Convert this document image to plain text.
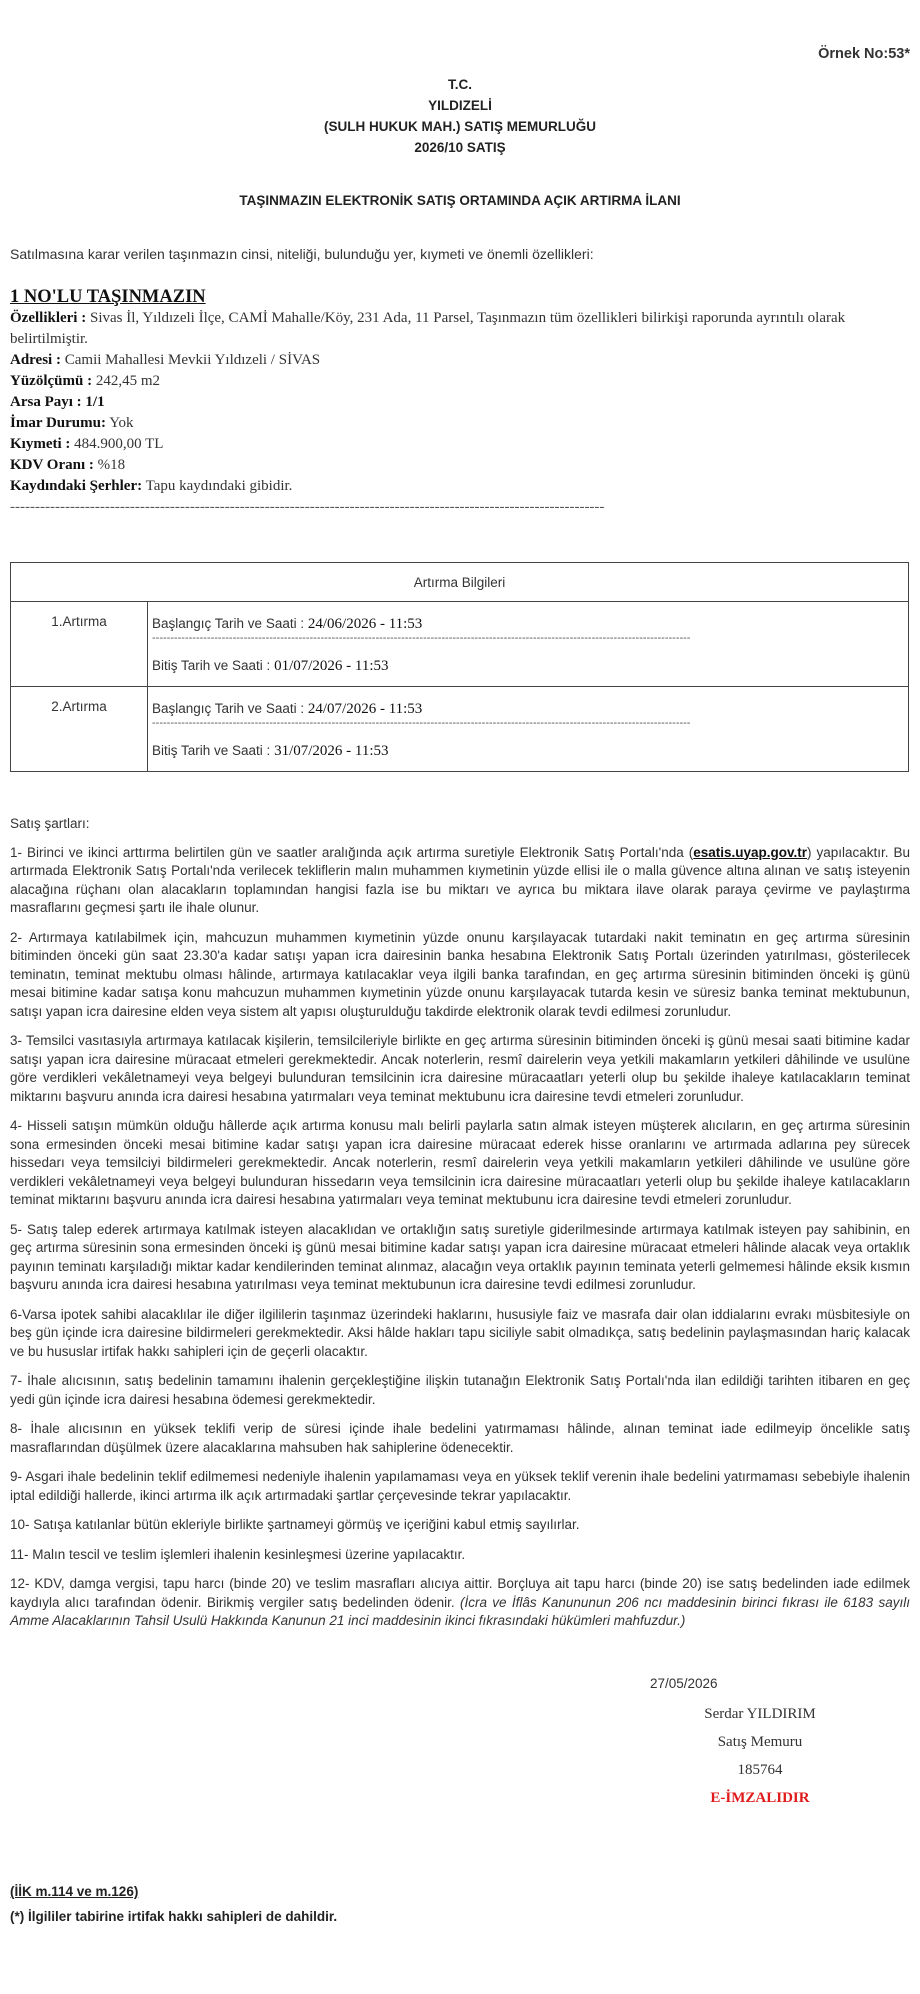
Örnek No:53*
T.C.
YILDIZELİ
(SULH HUKUK MAH.) SATIŞ MEMURLUĞU
2026/10 SATIŞ
TAŞINMAZIN ELEKTRONİK SATIŞ ORTAMINDA AÇIK ARTIRMA İLANI
Satılmasına karar verilen taşınmazın cinsi, niteliği, bulunduğu yer, kıymeti ve önemli özellikleri:
1 NO'LU TAŞINMAZIN
Özellikleri : Sivas İl, Yıldızeli İlçe, CAMİ Mahalle/Köy, 231 Ada, 11 Parsel, Taşınmazın tüm özellikleri bilirkişi raporunda ayrıntılı olarak belirtilmiştir.
Adresi : Camii Mahallesi Mevkii Yıldızeli / SİVAS
Yüzölçümü : 242,45 m2
Arsa Payı : 1/1
İmar Durumu: Yok
Kıymeti : 484.900,00 TL
KDV Oranı : %18
Kaydındaki Şerhler: Tapu kaydındaki gibidir.
-----------------------------------------------------------------------------------------------------------------------
Artırma Bilgileri	
1.Artırma	Başlangıç Tarih ve Saati : 24/06/2026 - 11:53
---------------------------------------------------------------------------------------------------------------------------------------------------
Bitiş Tarih ve Saati : 01/07/2026 - 11:53

2.Artırma	Başlangıç Tarih ve Saati : 24/07/2026 - 11:53
---------------------------------------------------------------------------------------------------------------------------------------------------
Bitiş Tarih ve Saati : 31/07/2026 - 11:53

Satış şartları:

1- Birinci ve ikinci arttırma belirtilen gün ve saatler aralığında açık artırma suretiyle Elektronik Satış Portalı'nda (esatis.uyap.gov.tr) yapılacaktır. Bu artırmada Elektronik Satış Portalı'nda verilecek tekliflerin malın muhammen kıymetinin yüzde ellisi ile o malla güvence altına alınan ve satış isteyenin alacağına rüçhanı olan alacakların toplamından hangisi fazla ise bu miktarı ve ayrıca bu miktara ilave olarak paraya çevirme ve paylaştırma masraflarını geçmesi şartı ile ihale olunur.

2- Artırmaya katılabilmek için, mahcuzun muhammen kıymetinin yüzde onunu karşılayacak tutardaki nakit teminatın en geç artırma süresinin bitiminden önceki gün saat 23.30'a kadar satışı yapan icra dairesinin banka hesabına Elektronik Satış Portalı üzerinden yatırılması, gösterilecek teminatın, teminat mektubu olması hâlinde, artırmaya katılacaklar veya ilgili banka tarafından, en geç artırma süresinin bitiminden önceki iş günü mesai bitimine kadar satışa konu mahcuzun muhammen kıymetinin yüzde onunu karşılayacak tutarda kesin ve süresiz banka teminat mektubunun, satışı yapan icra dairesine elden veya sistem alt yapısı oluşturulduğu takdirde elektronik olarak tevdi edilmesi zorunludur.

3- Temsilci vasıtasıyla artırmaya katılacak kişilerin, temsilcileriyle birlikte en geç artırma süresinin bitiminden önceki iş günü mesai saati bitimine kadar satışı yapan icra dairesine müracaat etmeleri gerekmektedir. Ancak noterlerin, resmî dairelerin veya yetkili makamların yetkileri dâhilinde ve usulüne göre verdikleri vekâletnameyi veya belgeyi bulunduran temsilcinin icra dairesine müracaatları yeterli olup bu şekilde ihaleye katılacakların teminat miktarını başvuru anında icra dairesi hesabına yatırmaları veya teminat mektubunu icra dairesine tevdi etmeleri zorunludur.

4- Hisseli satışın mümkün olduğu hâllerde açık artırma konusu malı belirli paylarla satın almak isteyen müşterek alıcıların, en geç artırma süresinin sona ermesinden önceki mesai bitimine kadar satışı yapan icra dairesine müracaat ederek hisse oranlarını ve artırmada adlarına pey sürecek hissedarı veya temsilciyi bildirmeleri gerekmektedir. Ancak noterlerin, resmî dairelerin veya yetkili makamların yetkileri dâhilinde ve usulüne göre verdikleri vekâletnameyi veya belgeyi bulunduran hissedarın veya temsilcinin icra dairesine müracaatları yeterli olup bu şekilde ihaleye katılacakların teminat miktarını başvuru anında icra dairesi hesabına yatırmaları veya teminat mektubunu icra dairesine tevdi etmeleri zorunludur.

5- Satış talep ederek artırmaya katılmak isteyen alacaklıdan ve ortaklığın satış suretiyle giderilmesinde artırmaya katılmak isteyen pay sahibinin, en geç artırma süresinin sona ermesinden önceki iş günü mesai bitimine kadar satışı yapan icra dairesine müracaat etmeleri hâlinde alacak veya ortaklık payının teminatı karşıladığı miktar kadar kendilerinden teminat alınmaz, alacağın veya ortaklık payının teminata yeterli gelmemesi hâlinde eksik kısmın başvuru anında icra dairesi hesabına yatırılması veya teminat mektubunun icra dairesine tevdi edilmesi zorunludur.

6-Varsa ipotek sahibi alacaklılar ile diğer ilgililerin taşınmaz üzerindeki haklarını, hususiyle faiz ve masrafa dair olan iddialarını evrakı müsbitesiyle on beş gün içinde icra dairesine bildirmeleri gerekmektedir. Aksi hâlde hakları tapu siciliyle sabit olmadıkça, satış bedelinin paylaşmasından hariç kalacak ve bu hususlar irtifak hakkı sahipleri için de geçerli olacaktır.

7- İhale alıcısının, satış bedelinin tamamını ihalenin gerçekleştiğine ilişkin tutanağın Elektronik Satış Portalı'nda ilan edildiği tarihten itibaren en geç yedi gün içinde icra dairesi hesabına ödemesi gerekmektedir.

8- İhale alıcısının en yüksek teklifi verip de süresi içinde ihale bedelini yatırmaması hâlinde, alınan teminat iade edilmeyip öncelikle satış masraflarından düşülmek üzere alacaklarına mahsuben hak sahiplerine ödenecektir.

9- Asgari ihale bedelinin teklif edilmemesi nedeniyle ihalenin yapılamaması veya en yüksek teklif verenin ihale bedelini yatırmaması sebebiyle ihalenin iptal edildiği hallerde, ikinci artırma ilk açık artırmadaki şartlar çerçevesinde tekrar yapılacaktır.

10- Satışa katılanlar bütün ekleriyle birlikte şartnameyi görmüş ve içeriğini kabul etmiş sayılırlar.

11- Malın tescil ve teslim işlemleri ihalenin kesinleşmesi üzerine yapılacaktır.

12- KDV, damga vergisi, tapu harcı (binde 20) ve teslim masrafları alıcıya aittir. Borçluya ait tapu harcı (binde 20) ise satış bedelinden iade edilmek kaydıyla alıcı tarafından ödenir. Birikmiş vergiler satış bedelinden ödenir. (İcra ve İflâs Kanununun 206 ncı maddesinin birinci fıkrası ile 6183 sayılı Amme Alacaklarının Tahsil Usulü Hakkında Kanunun 21 inci maddesinin ikinci fıkrasındaki hükümleri mahfuzdur.)

27/05/2026
Serdar YILDIRIM
Satış Memuru
185764
E-İMZALIDIR
(İİK m.114 ve m.126)
(*) İlgililer tabirine irtifak hakkı sahipleri de dahildir.
